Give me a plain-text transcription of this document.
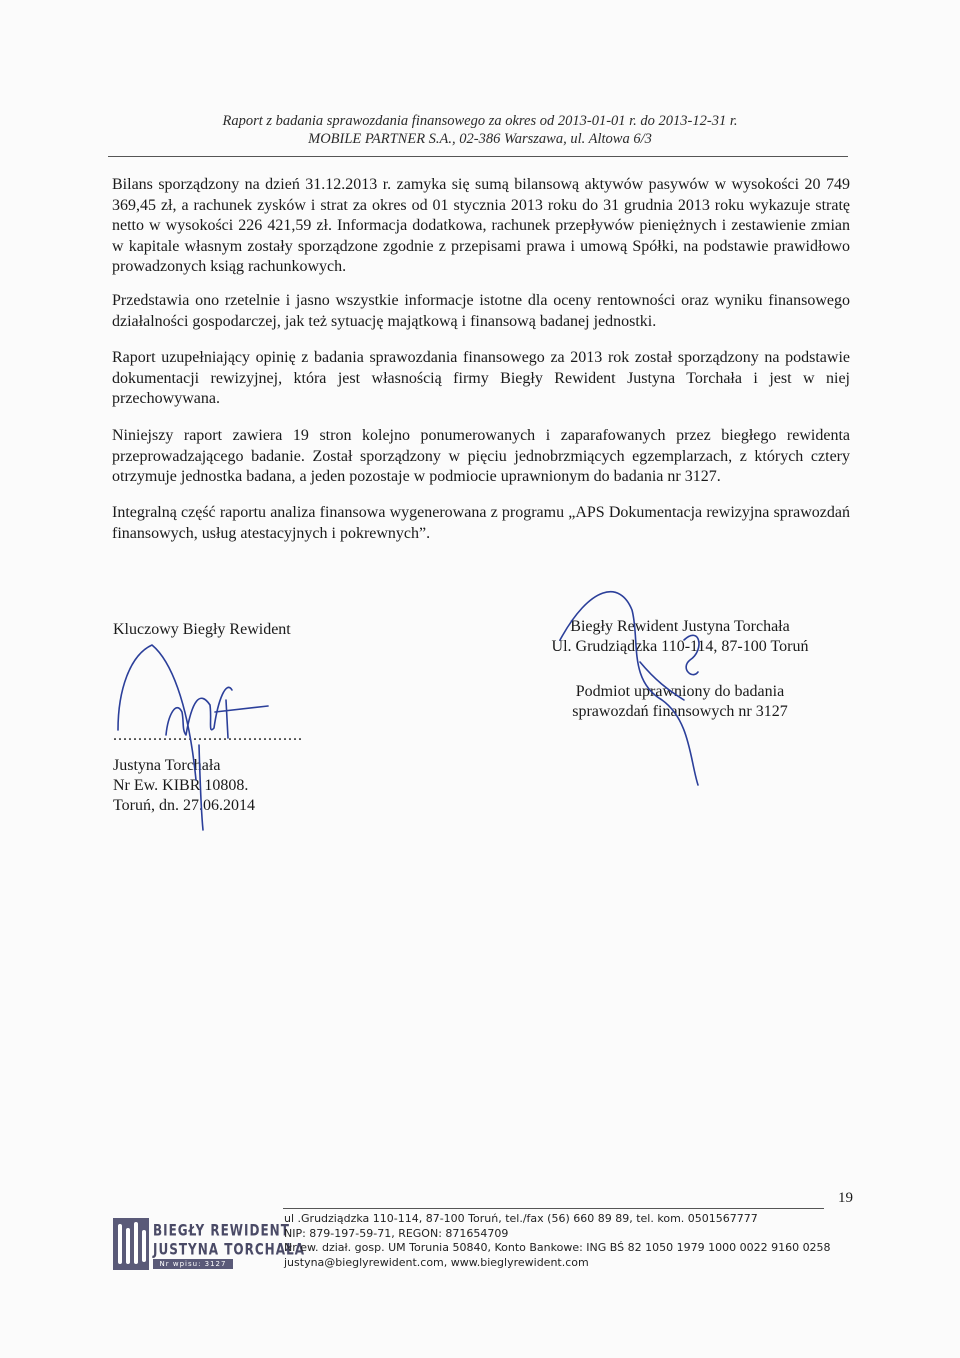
Raport z badania sprawozdania finansowego za okres od 2013-01-01 r. do 2013-12-31 r.
MOBILE PARTNER S.A., 02-386 Warszawa, ul. Altowa 6/3

Bilans sporządzony na dzień 31.12.2013 r. zamyka się sumą bilansową aktywów pasywów w wysokości 20 749 369,45 zł, a rachunek zysków i strat za okres od 01 stycznia 2013 roku do 31 grudnia 2013 roku wykazuje stratę netto w wysokości 226 421,59 zł. Informacja dodatkowa, rachunek przepływów pieniężnych i zestawienie zmian w kapitale własnym zostały sporządzone zgodnie z przepisami prawa i umową Spółki, na podstawie prawidłowo prowadzonych ksiąg rachunkowych.

Przedstawia ono rzetelnie i jasno wszystkie informacje istotne dla oceny rentowności oraz wyniku finansowego działalności gospodarczej, jak też sytuację majątkową i finansową badanej jednostki.

Raport uzupełniający opinię z badania sprawozdania finansowego za 2013 rok został sporządzony na podstawie dokumentacji rewizyjnej, która jest własnością firmy Biegły Rewident Justyna Torchała i jest w niej przechowywana.

Niniejszy raport zawiera 19 stron kolejno ponumerowanych i zaparafowanych przez biegłego rewidenta przeprowadzającego badanie. Został sporządzony w pięciu jednobrzmiących egzemplarzach, z których cztery otrzymuje jednostka badana, a jeden pozostaje w podmiocie uprawnionym do badania nr 3127.

Integralną część raportu analiza finansowa wygenerowana z programu „APS Dokumentacja rewizyjna sprawozdań finansowych, usług atestacyjnych i pokrewnych”.

Kluczowy Biegły Rewident
......................................
Justyna Torchała
Nr Ew. KIBR 10808.
Toruń, dn. 27.06.2014
Biegły Rewident Justyna Torchała
Ul. Grudziądzka 110-114, 87-100 Toruń
Podmiot uprawniony do badania
sprawozdań finansowych nr 3127
19
BIEGŁY REWIDENT
JUSTYNA TORCHAŁA
Nr wpisu: 3127
ul .Grudziądzka 110-114, 87-100 Toruń, tel./fax (56) 660 89 89, tel. kom. 0501567777
NIP: 879-197-59-71, REGON: 871654709
Nr ew. dział. gosp. UM Torunia 50840, Konto Bankowe: ING BŚ 82 1050 1979 1000 0022 9160 0258
justyna@bieglyrewident.com, www.bieglyrewident.com
